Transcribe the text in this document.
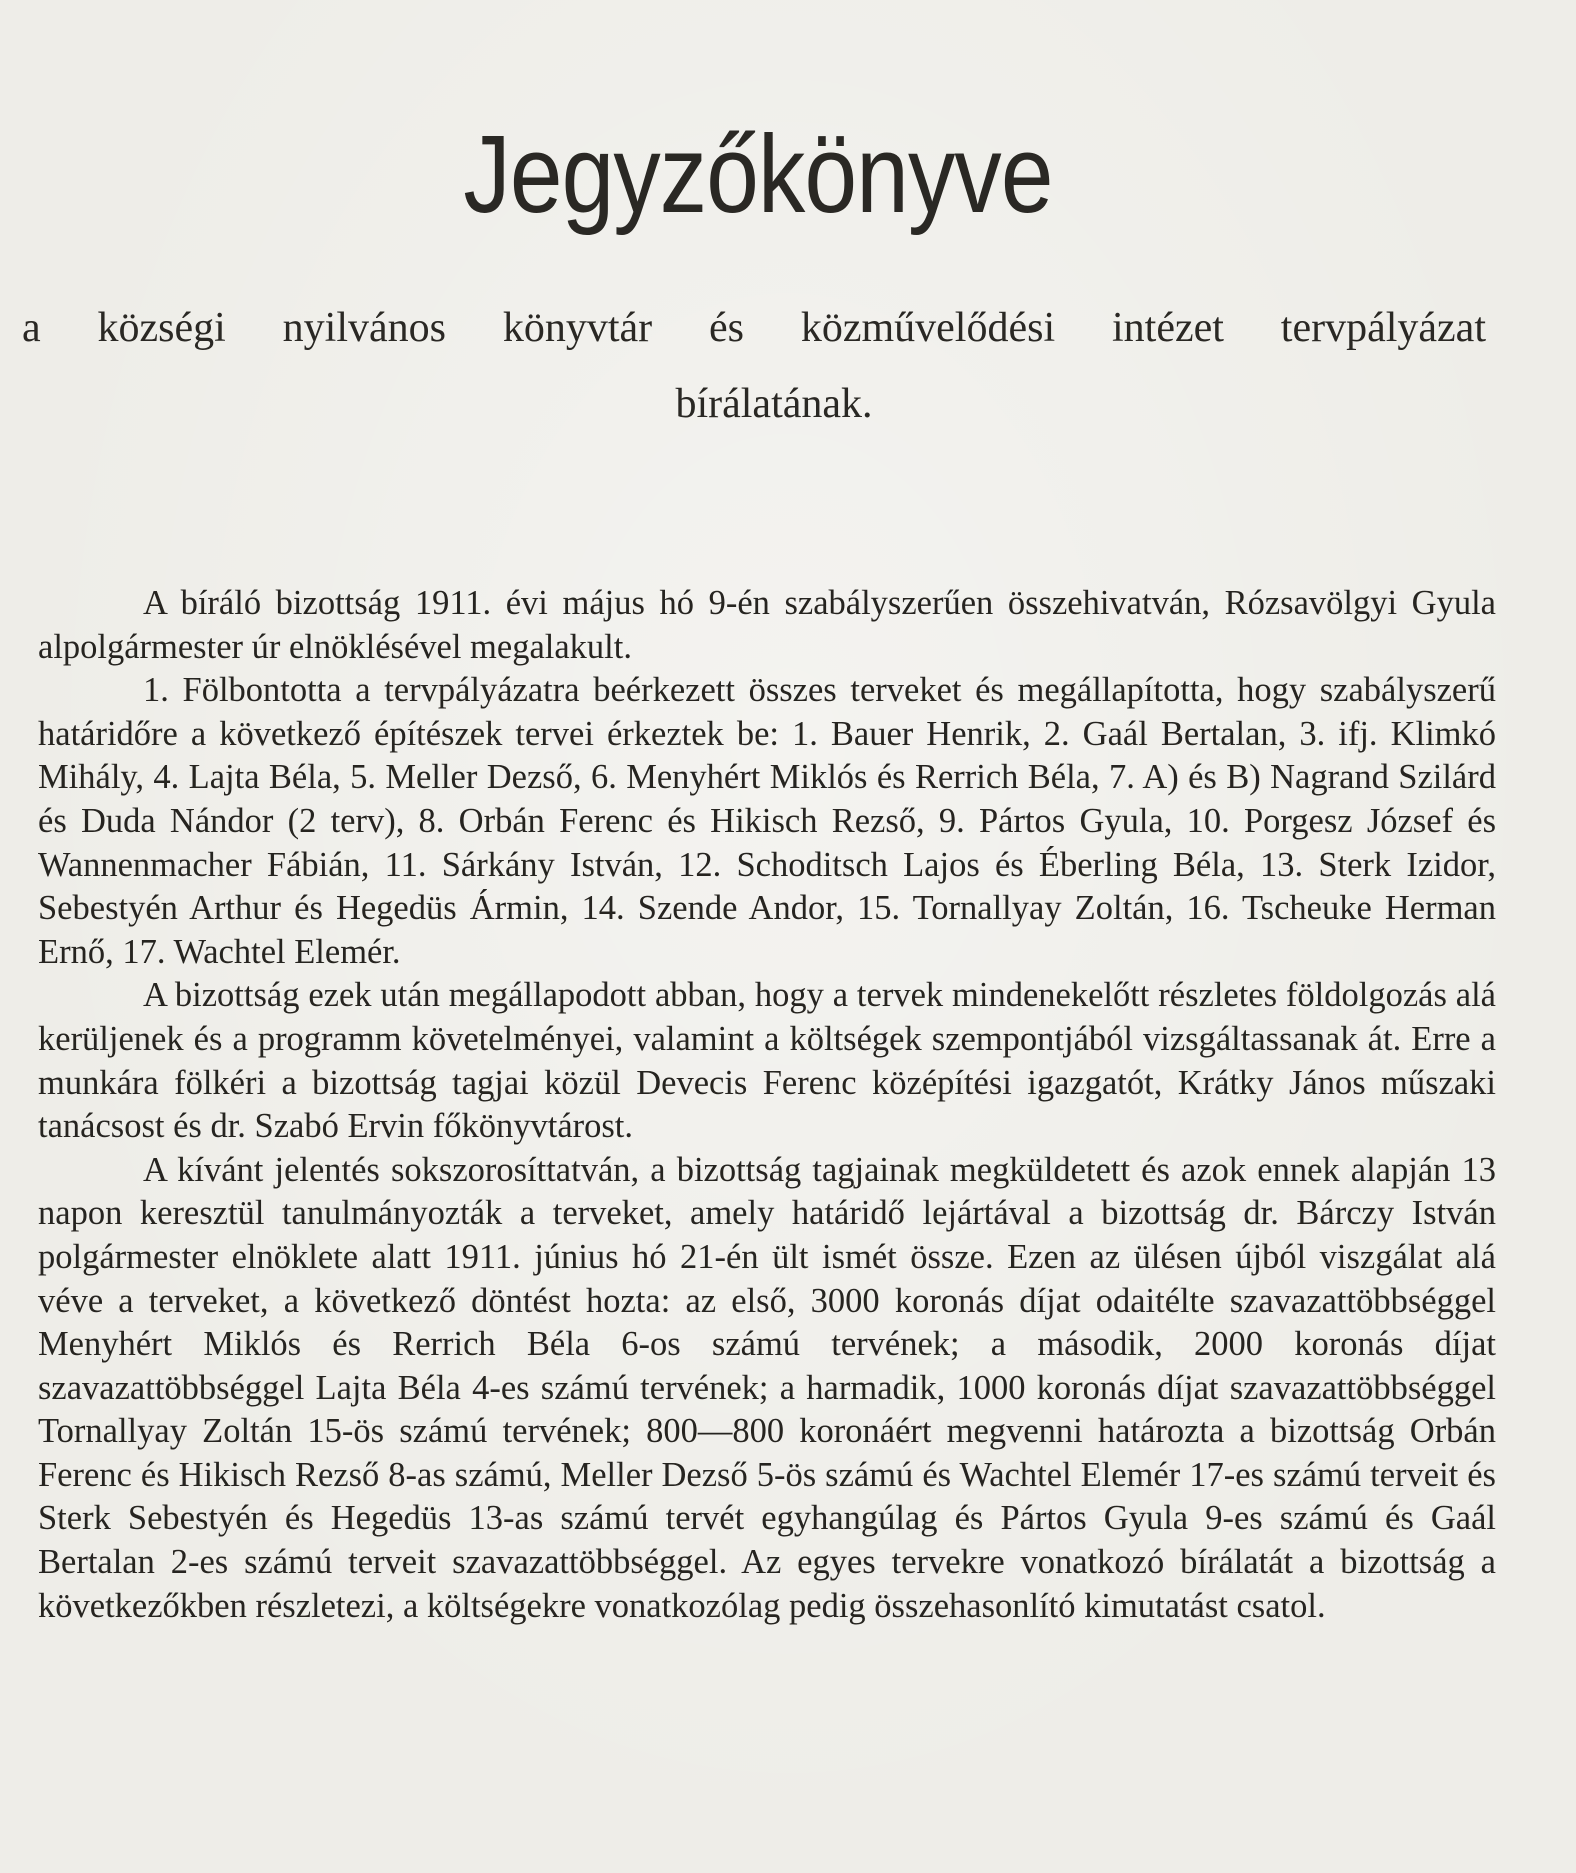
Jegyzőkönyve
a községi nyilvános könyvtár és közművelődési intézet tervpályázat
bírálatának.

A bíráló bizottság 1911. évi május hó 9-én szabályszerűen összehivatván, Rózsavölgyi Gyula alpolgármester úr elnöklésével megalakult.

1. Fölbontotta a tervpályázatra beérkezett összes terveket és megállapította, hogy szabályszerű határidőre a következő építészek tervei érkeztek be: 1. Bauer Henrik, 2. Gaál Bertalan, 3. ifj. Klimkó Mihály, 4. Lajta Béla, 5. Meller Dezső, 6. Menyhért Miklós és Rerrich Béla, 7. A) és B) Nagrand Szilárd és Duda Nándor (2 terv), 8. Orbán Ferenc és Hikisch Rezső, 9. Pártos Gyula, 10. Porgesz József és Wannenmacher Fábián, 11. Sárkány István, 12. Schoditsch Lajos és Éberling Béla, 13. Sterk Izidor, Sebestyén Arthur és Hegedüs Ármin, 14. Szende Andor, 15. Tornallyay Zoltán, 16. Tscheuke Herman Ernő, 17. Wachtel Elemér.

A bizottság ezek után megállapodott abban, hogy a tervek mindenekelőtt részletes földolgozás alá kerüljenek és a programm követelményei, valamint a költségek szempontjából vizsgáltassanak át. Erre a munkára fölkéri a bizottság tagjai közül Devecis Ferenc középítési igazgatót, Krátky János műszaki tanácsost és dr. Szabó Ervin főkönyvtárost.

A kívánt jelentés sokszorosíttatván, a bizottság tagjainak megküldetett és azok ennek alapján 13 napon keresztül tanulmányozták a terveket, amely határidő lejártával a bizottság dr. Bárczy István polgármester elnöklete alatt 1911. június hó 21-én ült ismét össze. Ezen az ülésen újból viszgálat alá véve a terveket, a következő döntést hozta: az első, 3000 koronás díjat odaitélte szavazattöbbséggel Menyhért Miklós és Rerrich Béla 6-os számú tervének; a második, 2000 koronás díjat szavazattöbbséggel Lajta Béla 4-es számú tervének; a harmadik, 1000 koronás díjat szavazattöbbséggel Tornallyay Zoltán 15-ös számú tervének; 800—800 koronáért megvenni határozta a bizottság Orbán Ferenc és Hikisch Rezső 8-as számú, Meller Dezső 5-ös számú és Wachtel Elemér 17-es számú terveit és Sterk Sebestyén és Hegedüs 13-as számú tervét egyhangúlag és Pártos Gyula 9-es számú és Gaál Bertalan 2-es számú terveit szavazattöbbséggel. Az egyes tervekre vonatkozó bírálatát a bizottság a következőkben részletezi, a költségekre vonatkozólag pedig összehasonlító kimutatást csatol.
